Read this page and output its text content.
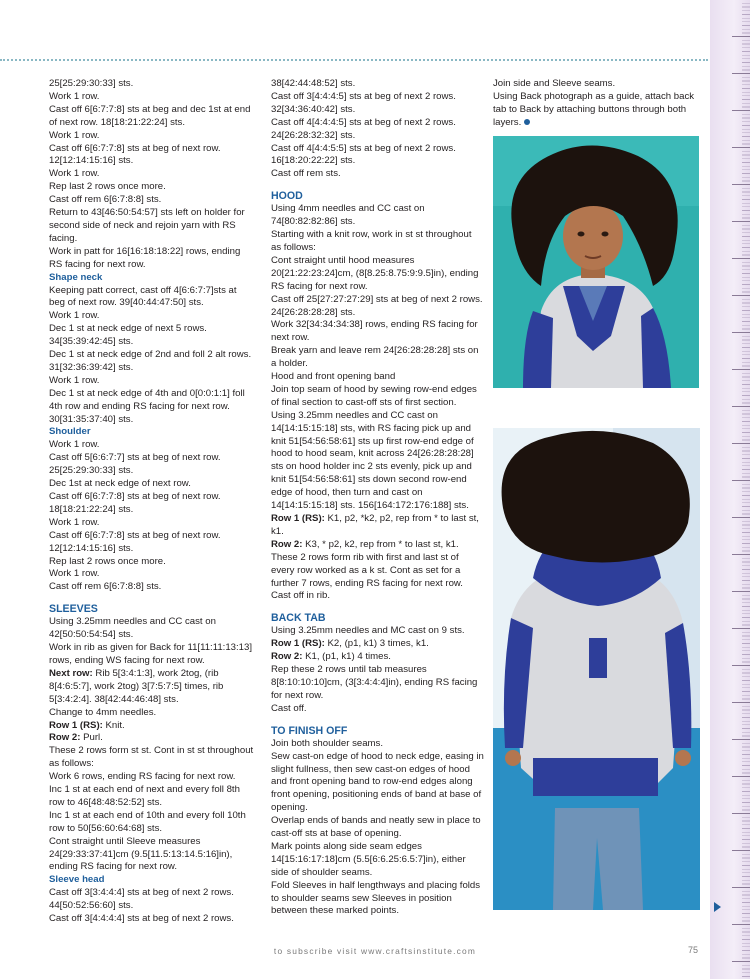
25[25:29:30:33] sts.

Work 1 row.

Cast off 6[6:7:7:8] sts at beg and dec 1st at end of next row. 18[18:21:22:24] sts.

Work 1 row.

Cast off 6[6:7:7:8] sts at beg of next row. 12[12:14:15:16] sts.

Work 1 row.

Rep last 2 rows once more.

Cast off rem 6[6:7:8:8] sts.

Return to 43[46:50:54:57] sts left on holder for second side of neck and rejoin yarn with RS facing.

Work in patt for 16[16:18:18:22] rows, ending RS facing for next row.

Shape neck

Keeping patt correct, cast off 4[6:6:7:7]sts at beg of next row. 39[40:44:47:50] sts.

Work 1 row.

Dec 1 st at neck edge of next 5 rows. 34[35:39:42:45] sts.

Dec 1 st at neck edge of 2nd and foll 2 alt rows. 31[32:36:39:42] sts.

Work 1 row.

Dec 1 st at neck edge of 4th and 0[0:0:1:1] foll 4th row and ending RS facing for next row. 30[31:35:37:40] sts.

Shoulder

Work 1 row.

Cast off 5[6:6:7:7] sts at beg of next row. 25[25:29:30:33] sts.

Dec 1st at neck edge of next row.

Cast off 6[6:7:7:8] sts at beg of next row. 18[18:21:22:24] sts.

Work 1 row.

Cast off 6[6:7:7:8] sts at beg of next row. 12[12:14:15:16] sts.

Rep last 2 rows once more.

Work 1 row.

Cast off rem 6[6:7:8:8] sts.

SLEEVES

Using 3.25mm needles and CC cast on 42[50:50:54:54] sts.

Work in rib as given for Back for 11[11:11:13:13] rows, ending WS facing for next row.

Next row: Rib 5[3:4:1:3], work 2tog, (rib 8[4:6:5:7], work 2tog) 3[7:5:7:5] times, rib 5[3:4:2:4]. 38[42:44:46:48] sts.

Change to 4mm needles.

Row 1 (RS): Knit.

Row 2: Purl.

These 2 rows form st st. Cont in st st throughout as follows:

Work 6 rows, ending RS facing for next row.

Inc 1 st at each end of next and every foll 8th row to 46[48:48:52:52] sts.

Inc 1 st at each end of 10th and every foll 10th row to 50[56:60:64:68] sts.

Cont straight until Sleeve measures 24[29:33:37:41]cm (9.5[11.5:13:14.5:16]in), ending RS facing for next row.

Sleeve head

Cast off 3[3:4:4:4] sts at beg of next 2 rows. 44[50:52:56:60] sts.

Cast off 3[4:4:4:4] sts at beg of next 2 rows.

38[42:44:48:52] sts.

Cast off 3[4:4:4:5] sts at beg of next 2 rows. 32[34:36:40:42] sts.

Cast off 4[4:4:4:5] sts at beg of next 2 rows. 24[26:28:32:32] sts.

Cast off 4[4:4:5:5] sts at beg of next 2 rows. 16[18:20:22:22] sts.

Cast off rem sts.

HOOD

Using 4mm needles and CC cast on 74[80:82:82:86] sts.

Starting with a knit row, work in st st throughout as follows:

Cont straight until hood measures 20[21:22:23:24]cm, (8[8.25:8.75:9:9.5]in), ending RS facing for next row.

Cast off 25[27:27:27:29] sts at beg of next 2 rows. 24[26:28:28:28] sts.

Work 32[34:34:34:38] rows, ending RS facing for next row.

Break yarn and leave rem 24[26:28:28:28] sts on a holder.

Hood and front opening band

Join top seam of hood by sewing row-end edges of final section to cast-off sts of first section.

Using 3.25mm needles and CC cast on 14[14:15:15:18] sts, with RS facing pick up and knit 51[54:56:58:61] sts up first row-end edge of hood to hood seam, knit across 24[26:28:28:28] sts on hood holder inc 2 sts evenly, pick up and knit 51[54:56:58:61] sts down second row-end edge of hood, then turn and cast on 14[14:15:15:18] sts. 156[164:172:176:188] sts.

Row 1 (RS): K1, p2, *k2, p2, rep from * to last st, k1.

Row 2: K3, * p2, k2, rep from * to last st, k1.

These 2 rows form rib with first and last st of every row worked as a k st. Cont as set for a further 7 rows, ending RS facing for next row.

Cast off in rib.

BACK TAB

Using 3.25mm needles and MC cast on 9 sts.

Row 1 (RS): K2, (p1, k1) 3 times, k1.

Row 2: K1, (p1, k1) 4 times.

Rep these 2 rows until tab measures 8[8:10:10:10]cm, (3[3:4:4:4]in), ending RS facing for next row.

Cast off.

TO FINISH OFF

Join both shoulder seams.

Sew cast-on edge of hood to neck edge, easing in slight fullness, then sew cast-on edges of hood and front opening band to row-end edges along front opening, positioning ends of band at base of opening.

Overlap ends of bands and neatly sew in place to cast-off sts at base of opening.

Mark points along side seam edges 14[15:16:17:18]cm (5.5[6:6.25:6.5:7]in), either side of shoulder seams.

Fold Sleeves in half lengthways and placing folds to shoulder seams sew Sleeves in position between these marked points.

Join side and Sleeve seams.

Using Back photograph as a guide, attach back tab to Back by attaching buttons through both layers.

to subscribe visit www.craftsinstitute.com	75
